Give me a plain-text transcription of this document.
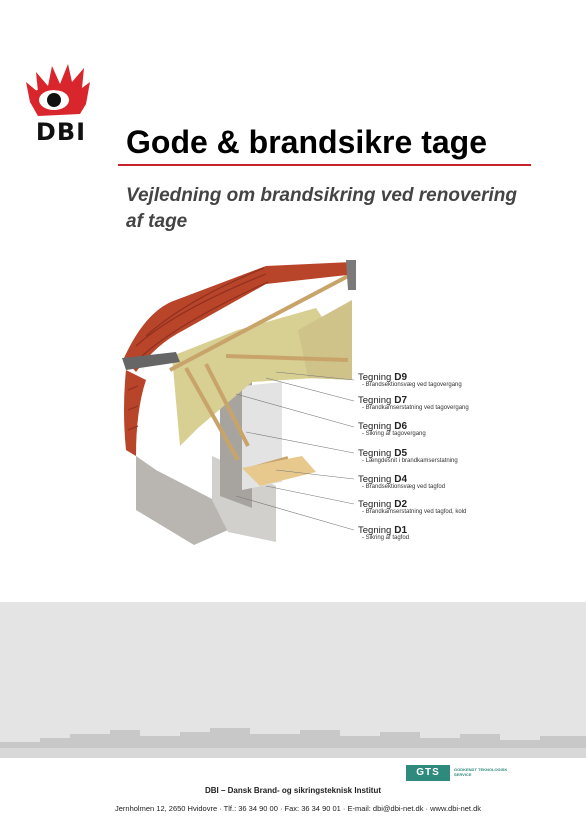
DBI Gode & brandsikre tage
Vejledning om brandsikring ved renovering af tage
Tegning D9
- Brandsektionsvæg ved tagovergang
Tegning D7
- Brandkamserstatning ved tagovergang
Tegning D6
- Sikring af tagovergang
Tegning D5
- Længdesnit i brandkamserstatning
Tegning D4
- Brandsektionsvæg ved tagfod
Tegning D2
- Brandkamserstatning ved tagfod, kold
Tegning D1
- Sikring af tagfod
GTS	GODKENDT TEKNOLOGISK SERVICE
DBI – Dansk Brand- og sikringsteknisk Institut
Jernholmen 12, 2650 Hvidovre · Tlf.: 36 34 90 00 · Fax: 36 34 90 01 · E-mail: dbi@dbi-net.dk · www.dbi-net.dk
